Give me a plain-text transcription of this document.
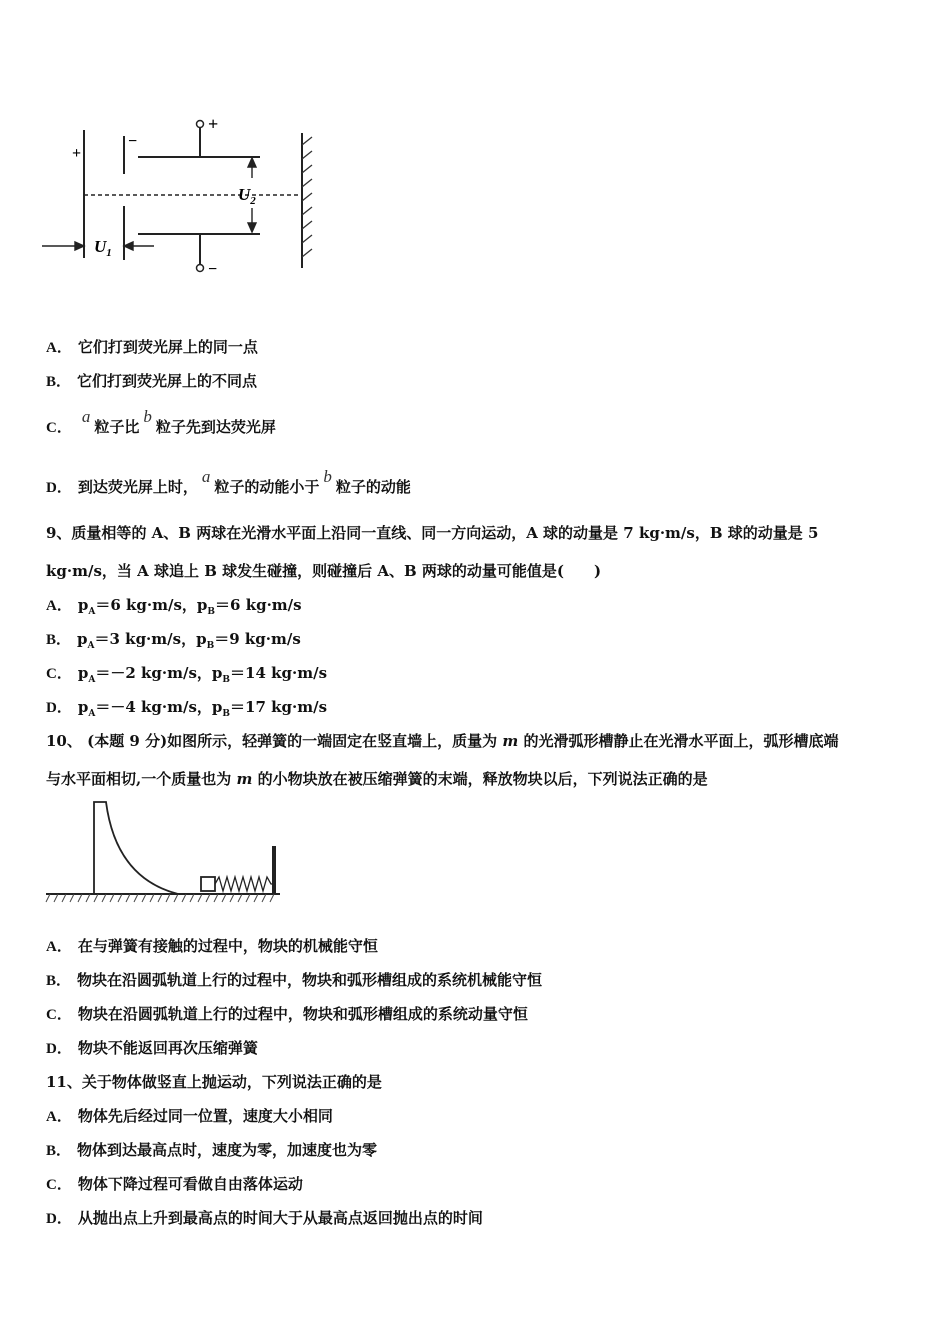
+
−
+
−
$U_2$
$U_1$
A． 它们打到荧光屏上的同一点
B． 它们打到荧光屏上的不同点
C．a粒子比b粒子先到达荧光屏
D． 到达荧光屏上时，a粒子的动能小于b粒子的动能
9、质量相等的 A、B 两球在光滑水平面上沿同一直线、同一方向运动，A 球的动量是 7 kg·m/s，B 球的动量是 5
kg·m/s，当 A 球追上 B 球发生碰撞，则碰撞后 A、B 两球的动量可能值是(　　)
A． $p_A=6$ kg·m/s，$p_B=6$ kg·m/s
B． $p_A=3$ kg·m/s，$p_B=9$ kg·m/s
C． $p_A=-2$ kg·m/s，$p_B=14$ kg·m/s
D． $p_A=-4$ kg·m/s，$p_B=17$ kg·m/s
10、 (本题 9 分)如图所示，轻弹簧的一端固定在竖直墙上，质量为 m 的光滑弧形槽静止在光滑水平面上，弧形槽底端
与水平面相切,一个质量也为 m 的小物块放在被压缩弹簧的末端，释放物块以后，下列说法正确的是
A． 在与弹簧有接触的过程中，物块的机械能守恒
B． 物块在沿圆弧轨道上行的过程中，物块和弧形槽组成的系统机械能守恒
C． 物块在沿圆弧轨道上行的过程中，物块和弧形槽组成的系统动量守恒
D． 物块不能返回再次压缩弹簧
11、关于物体做竖直上抛运动，下列说法正确的是
A． 物体先后经过同一位置，速度大小相同
B． 物体到达最高点时，速度为零，加速度也为零
C． 物体下降过程可看做自由落体运动
D． 从抛出点上升到最高点的时间大于从最高点返回抛出点的时间
